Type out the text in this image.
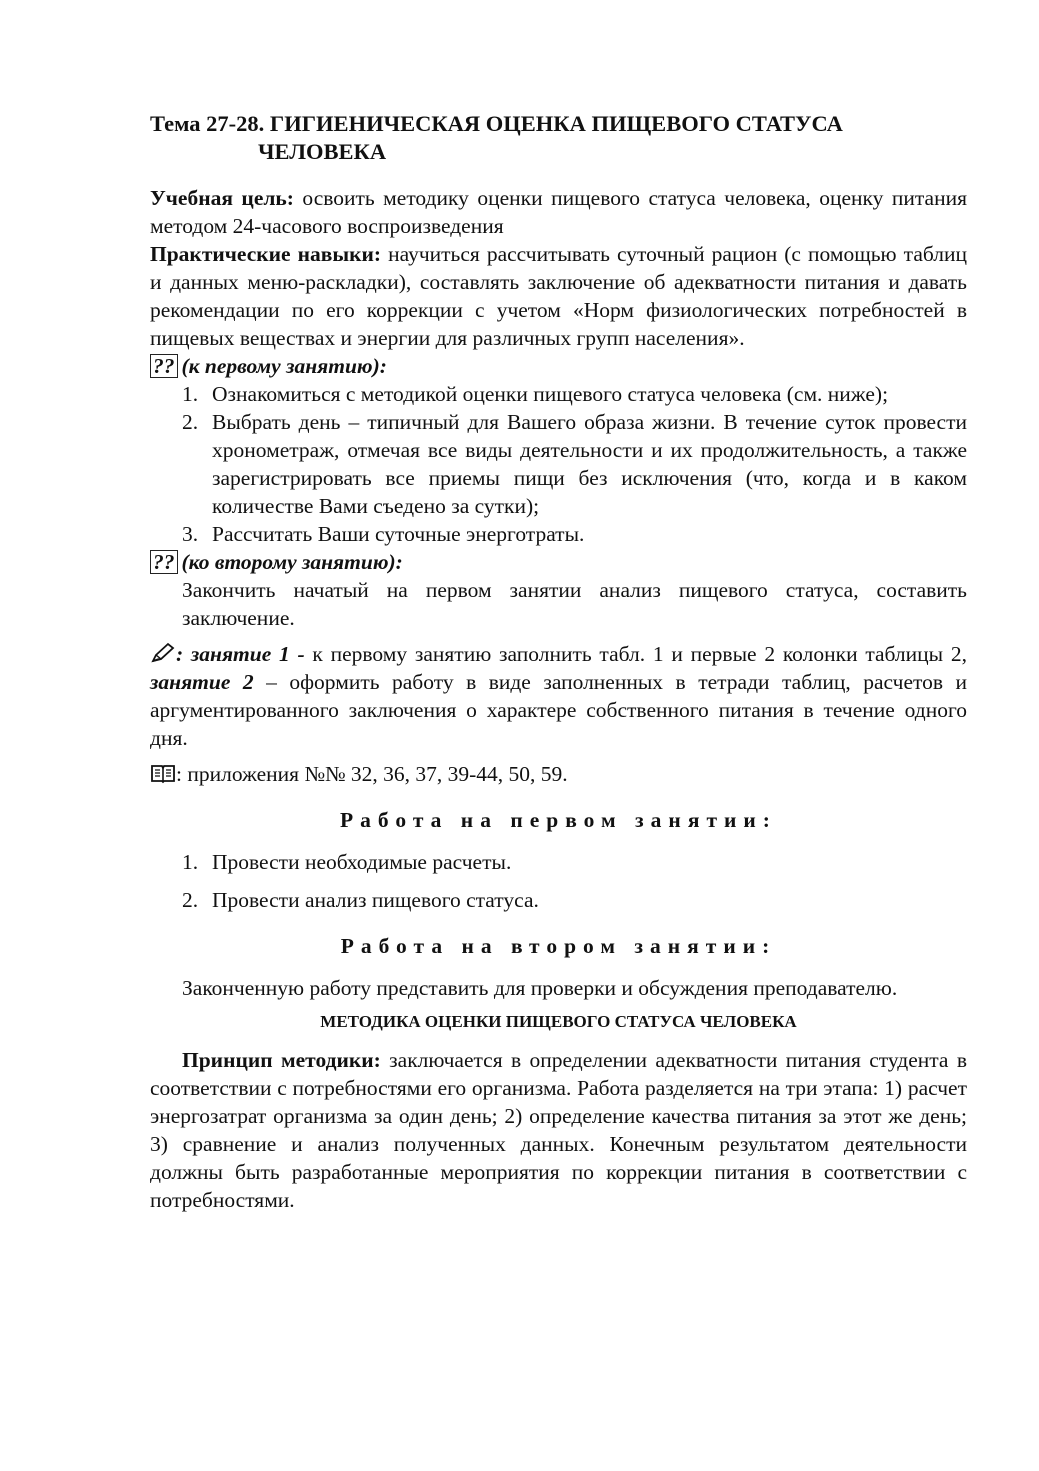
Тема 27-28. ГИГИЕНИЧЕСКАЯ ОЦЕНКА ПИЩЕВОГО СТАТУСА
ЧЕЛОВЕКА

Учебная цель: освоить методику оценки пищевого статуса человека, оценку питания методом 24-часового воспроизведения

Практические навыки: научиться рассчитывать суточный рацион (с помощью таблиц и данных меню-раскладки), составлять заключение об адекватности питания и давать рекомендации по его коррекции с учетом «Норм физиологических потребностей в пищевых веществах и энергии для различных групп населения».

?? (к первому занятию):
1. Ознакомиться с методикой оценки пищевого статуса человека (см. ниже);
2. Выбрать день – типичный для Вашего образа жизни. В течение суток провести хронометраж, отмечая все виды деятельности и их продолжительность, а также зарегистрировать все приемы пищи без исключения (что, когда и в каком количестве Вами съедено за сутки);
3. Рассчитать Ваши суточные энерготраты.
?? (ко второму занятию):
Закончить начатый на первом занятии анализ пищевого статуса, составить заключение.
: занятие 1 - к первому занятию заполнить табл. 1 и первые 2 колонки таблицы 2, занятие 2 – оформить работу в виде заполненных в тетради таблиц, расчетов и аргументированного заключения о характере собственного питания в течение одного дня.
: приложения №№ 32, 36, 37, 39-44, 50, 59.
Работа на первом занятии:
1. Провести необходимые расчеты.
2. Провести анализ пищевого статуса.
Работа на втором занятии:

Законченную работу представить для проверки и обсуждения преподавателю.

МЕТОДИКА ОЦЕНКИ ПИЩЕВОГО СТАТУСА ЧЕЛОВЕКА

Принцип методики: заключается в определении адекватности питания студента в соответствии с потребностями его организма. Работа разделяется на три этапа: 1) расчет энергозатрат организма за один день; 2) определение качества питания за этот же день; 3) сравнение и анализ полученных данных. Конечным результатом деятельности должны быть разработанные мероприятия по коррекции питания в соответствии с потребностями.
